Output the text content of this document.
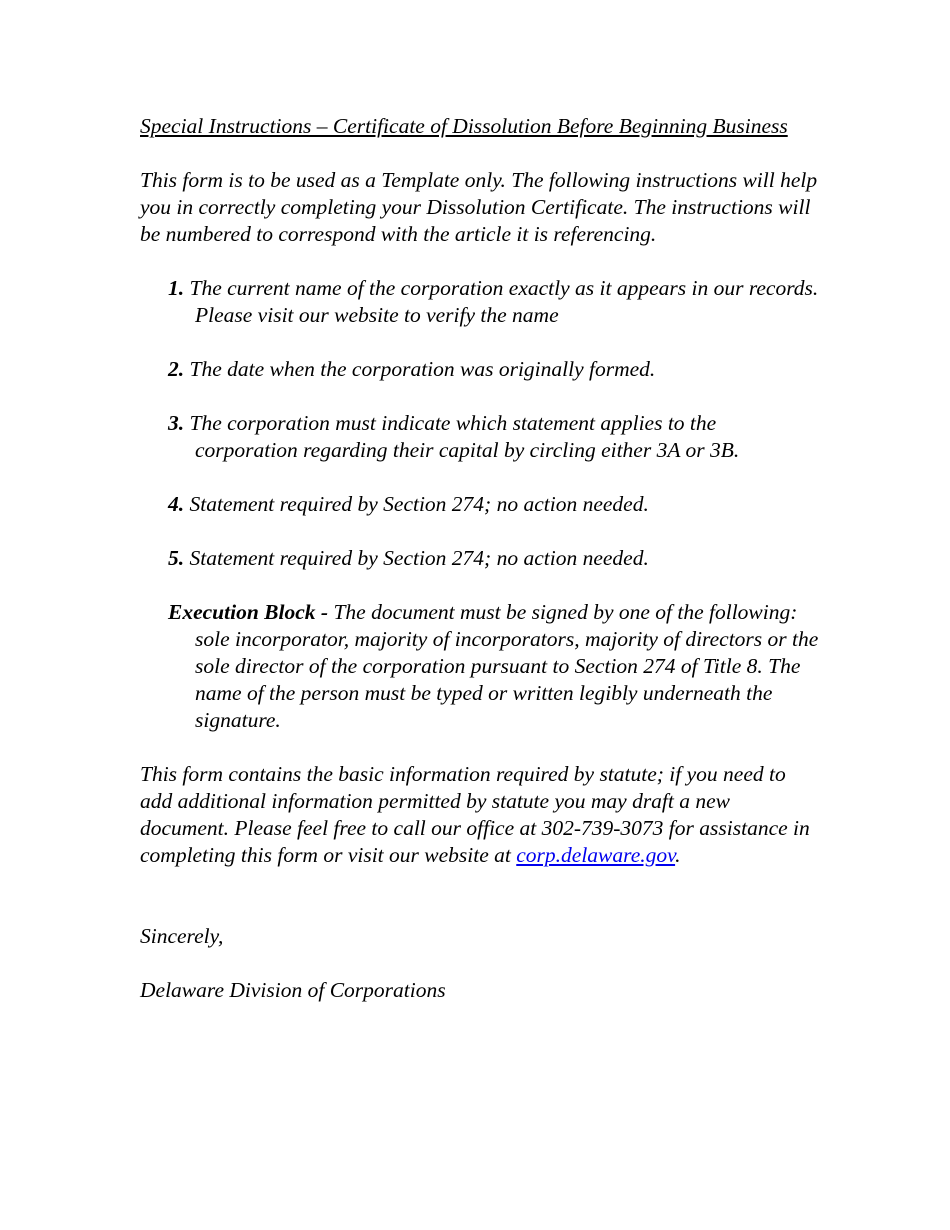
Special Instructions – Certificate of Dissolution Before Beginning Business

This form is to be used as a Template only. The following instructions will help you in correctly completing your Dissolution Certificate. The instructions will be numbered to correspond with the article it is referencing.

1. The current name of the corporation exactly as it appears in our records. Please visit our website to verify the name
2. The date when the corporation was originally formed.
3. The corporation must indicate which statement applies to the corporation regarding their capital by circling either 3A or 3B.
4. Statement required by Section 274; no action needed.
5. Statement required by Section 274; no action needed.
Execution Block - The document must be signed by one of the following: sole incorporator, majority of incorporators, majority of directors or the sole director of the corporation pursuant to Section 274 of Title 8. The name of the person must be typed or written legibly underneath the signature.

This form contains the basic information required by statute; if you need to add additional information permitted by statute you may draft a new document. Please feel free to call our office at 302-739-3073 for assistance in completing this form or visit our website at corp.delaware.gov.

Sincerely,

Delaware Division of Corporations
